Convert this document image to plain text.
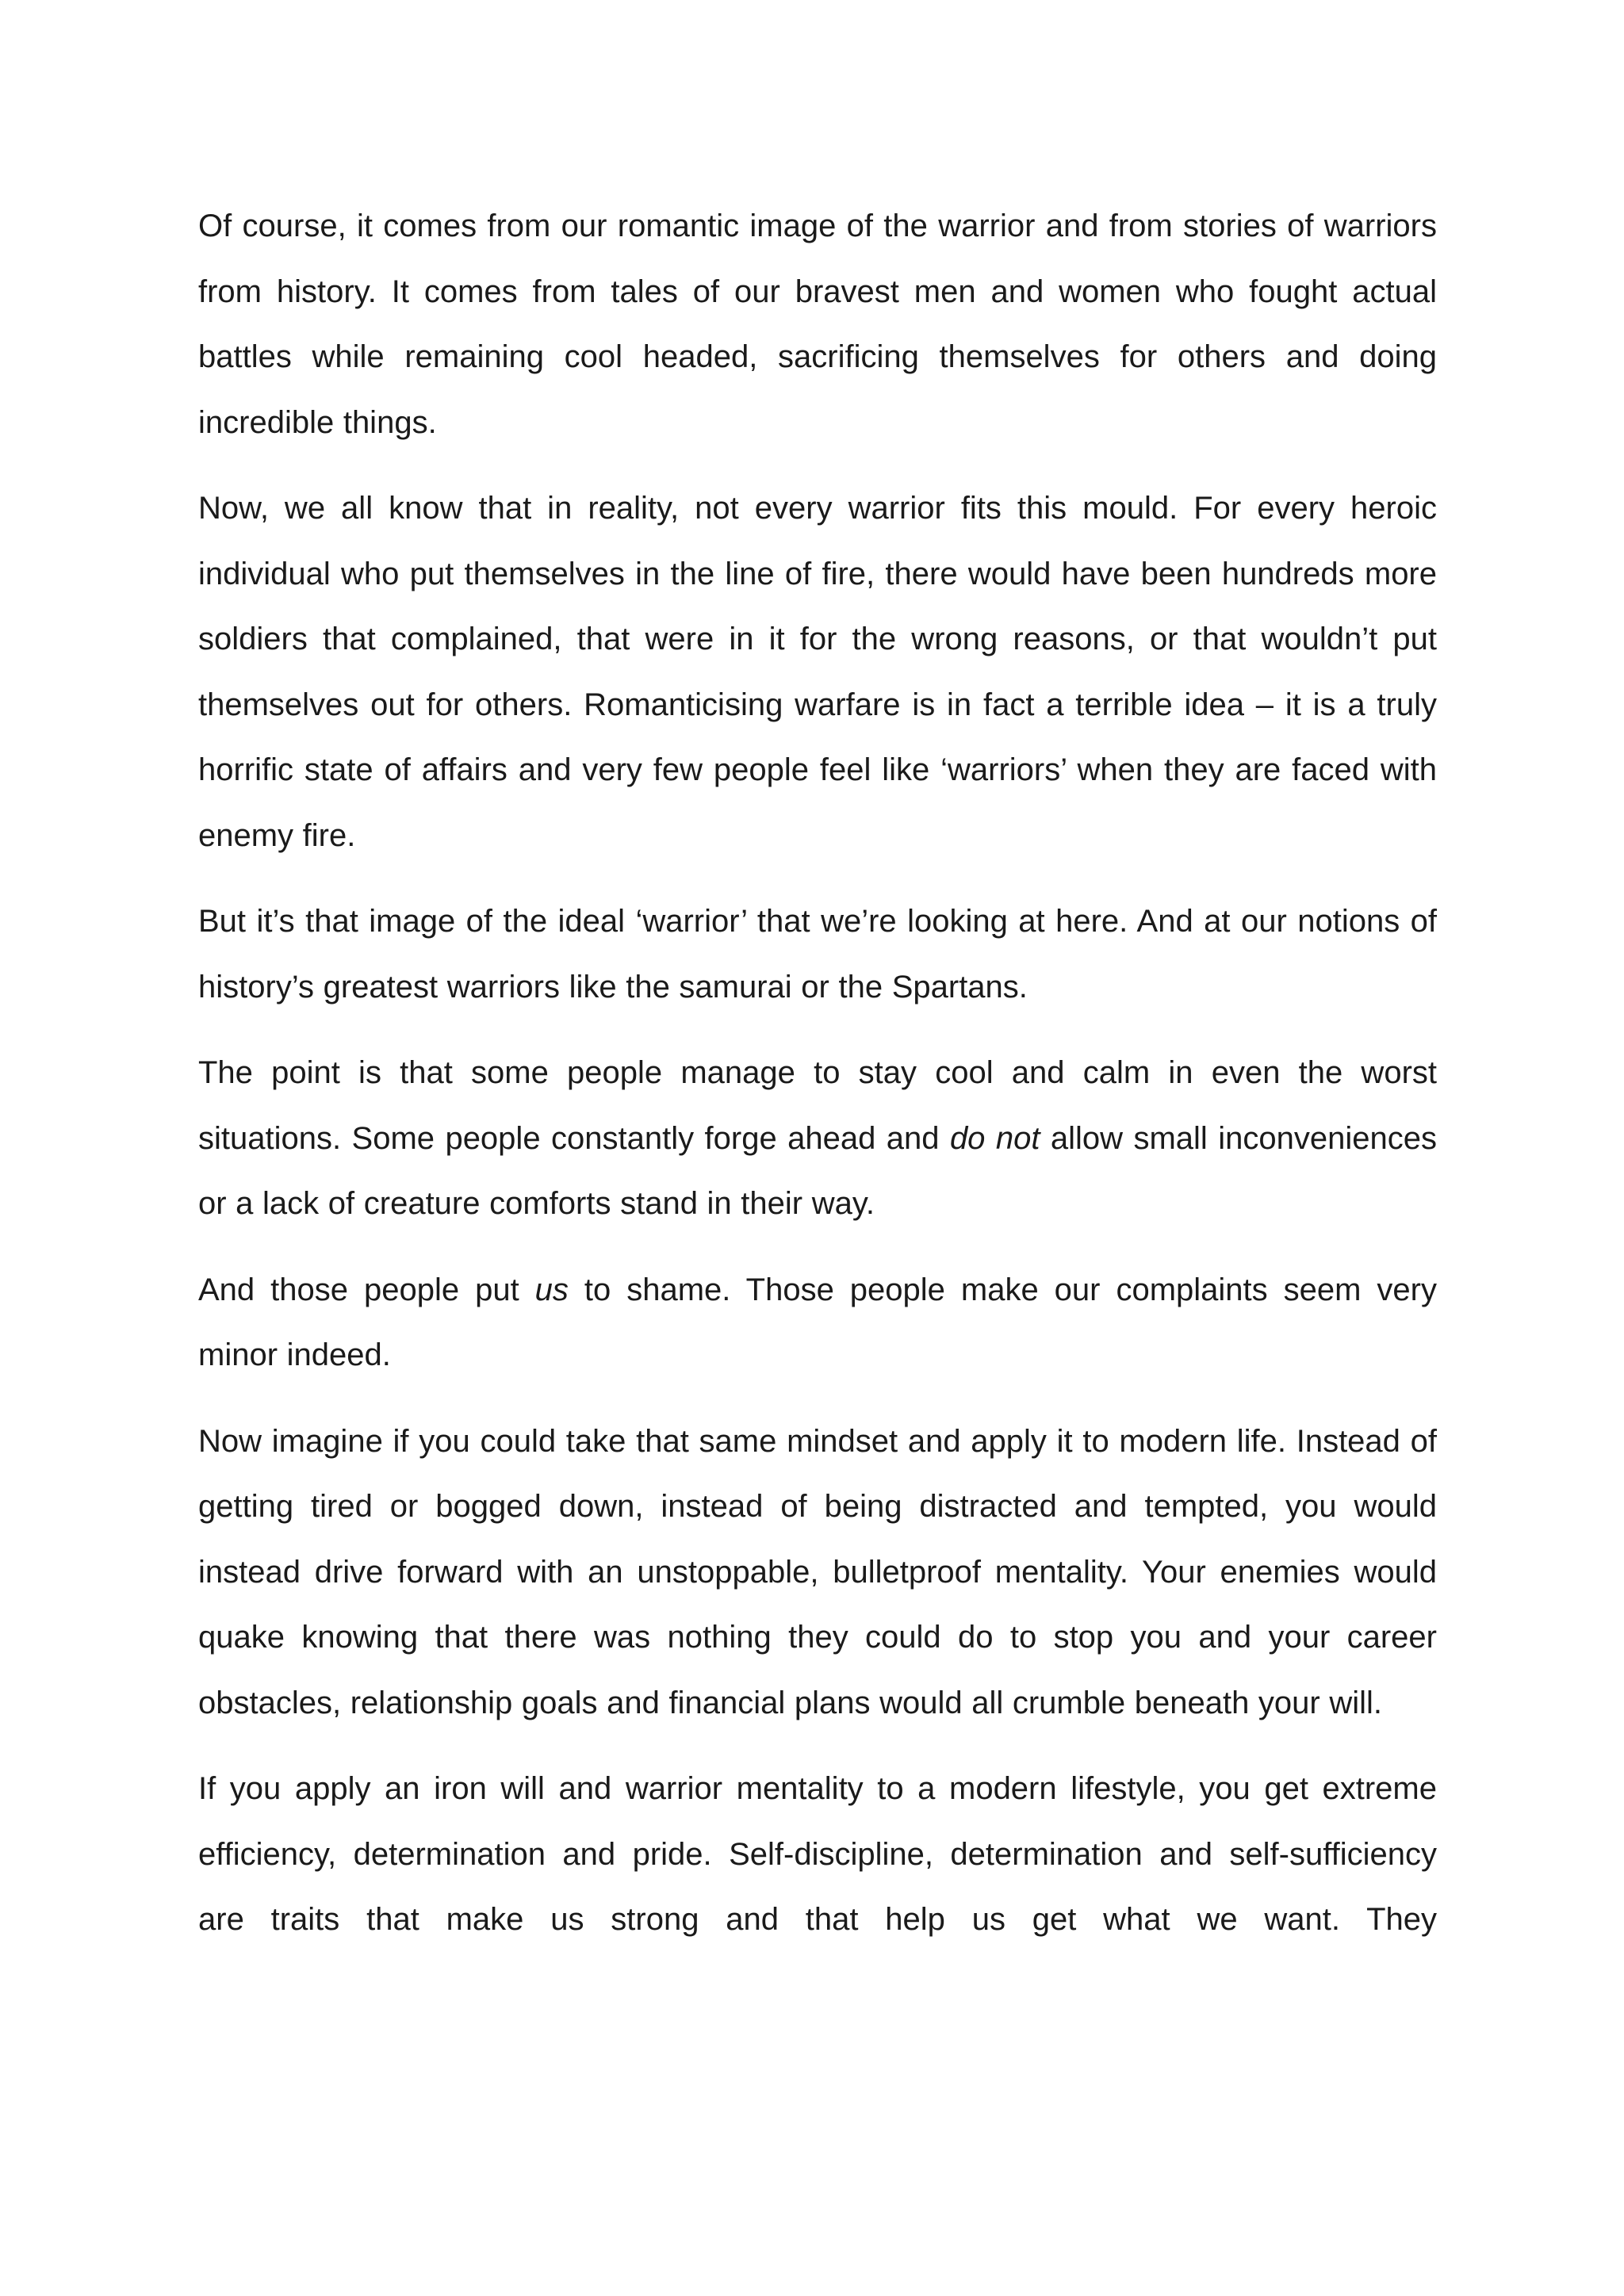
Of course, it comes from our romantic image of the warrior and from stories of warriors from history. It comes from tales of our bravest men and women who fought actual battles while remaining cool headed, sacrificing themselves for others and doing incredible things.

Now, we all know that in reality, not every warrior fits this mould. For every heroic individual who put themselves in the line of fire, there would have been hundreds more soldiers that complained, that were in it for the wrong reasons, or that wouldn’t put themselves out for others. Romanticising warfare is in fact a terrible idea – it is a truly horrific state of affairs and very few people feel like ‘warriors’ when they are faced with enemy fire.

But it’s that image of the ideal ‘warrior’ that we’re looking at here. And at our notions of history’s greatest warriors like the samurai or the Spartans.

The point is that some people manage to stay cool and calm in even the worst situations. Some people constantly forge ahead and do not allow small inconveniences or a lack of creature comforts stand in their way.

And those people put us to shame. Those people make our complaints seem very minor indeed.

Now imagine if you could take that same mindset and apply it to modern life. Instead of getting tired or bogged down, instead of being distracted and tempted, you would instead drive forward with an unstoppable, bulletproof mentality. Your enemies would quake knowing that there was nothing they could do to stop you and your career obstacles, relationship goals and financial plans would all crumble beneath your will.

If you apply an iron will and warrior mentality to a modern lifestyle, you get extreme efficiency, determination and pride. Self-discipline, determination and self-sufficiency are traits that make us strong and that help us get what we want. They
